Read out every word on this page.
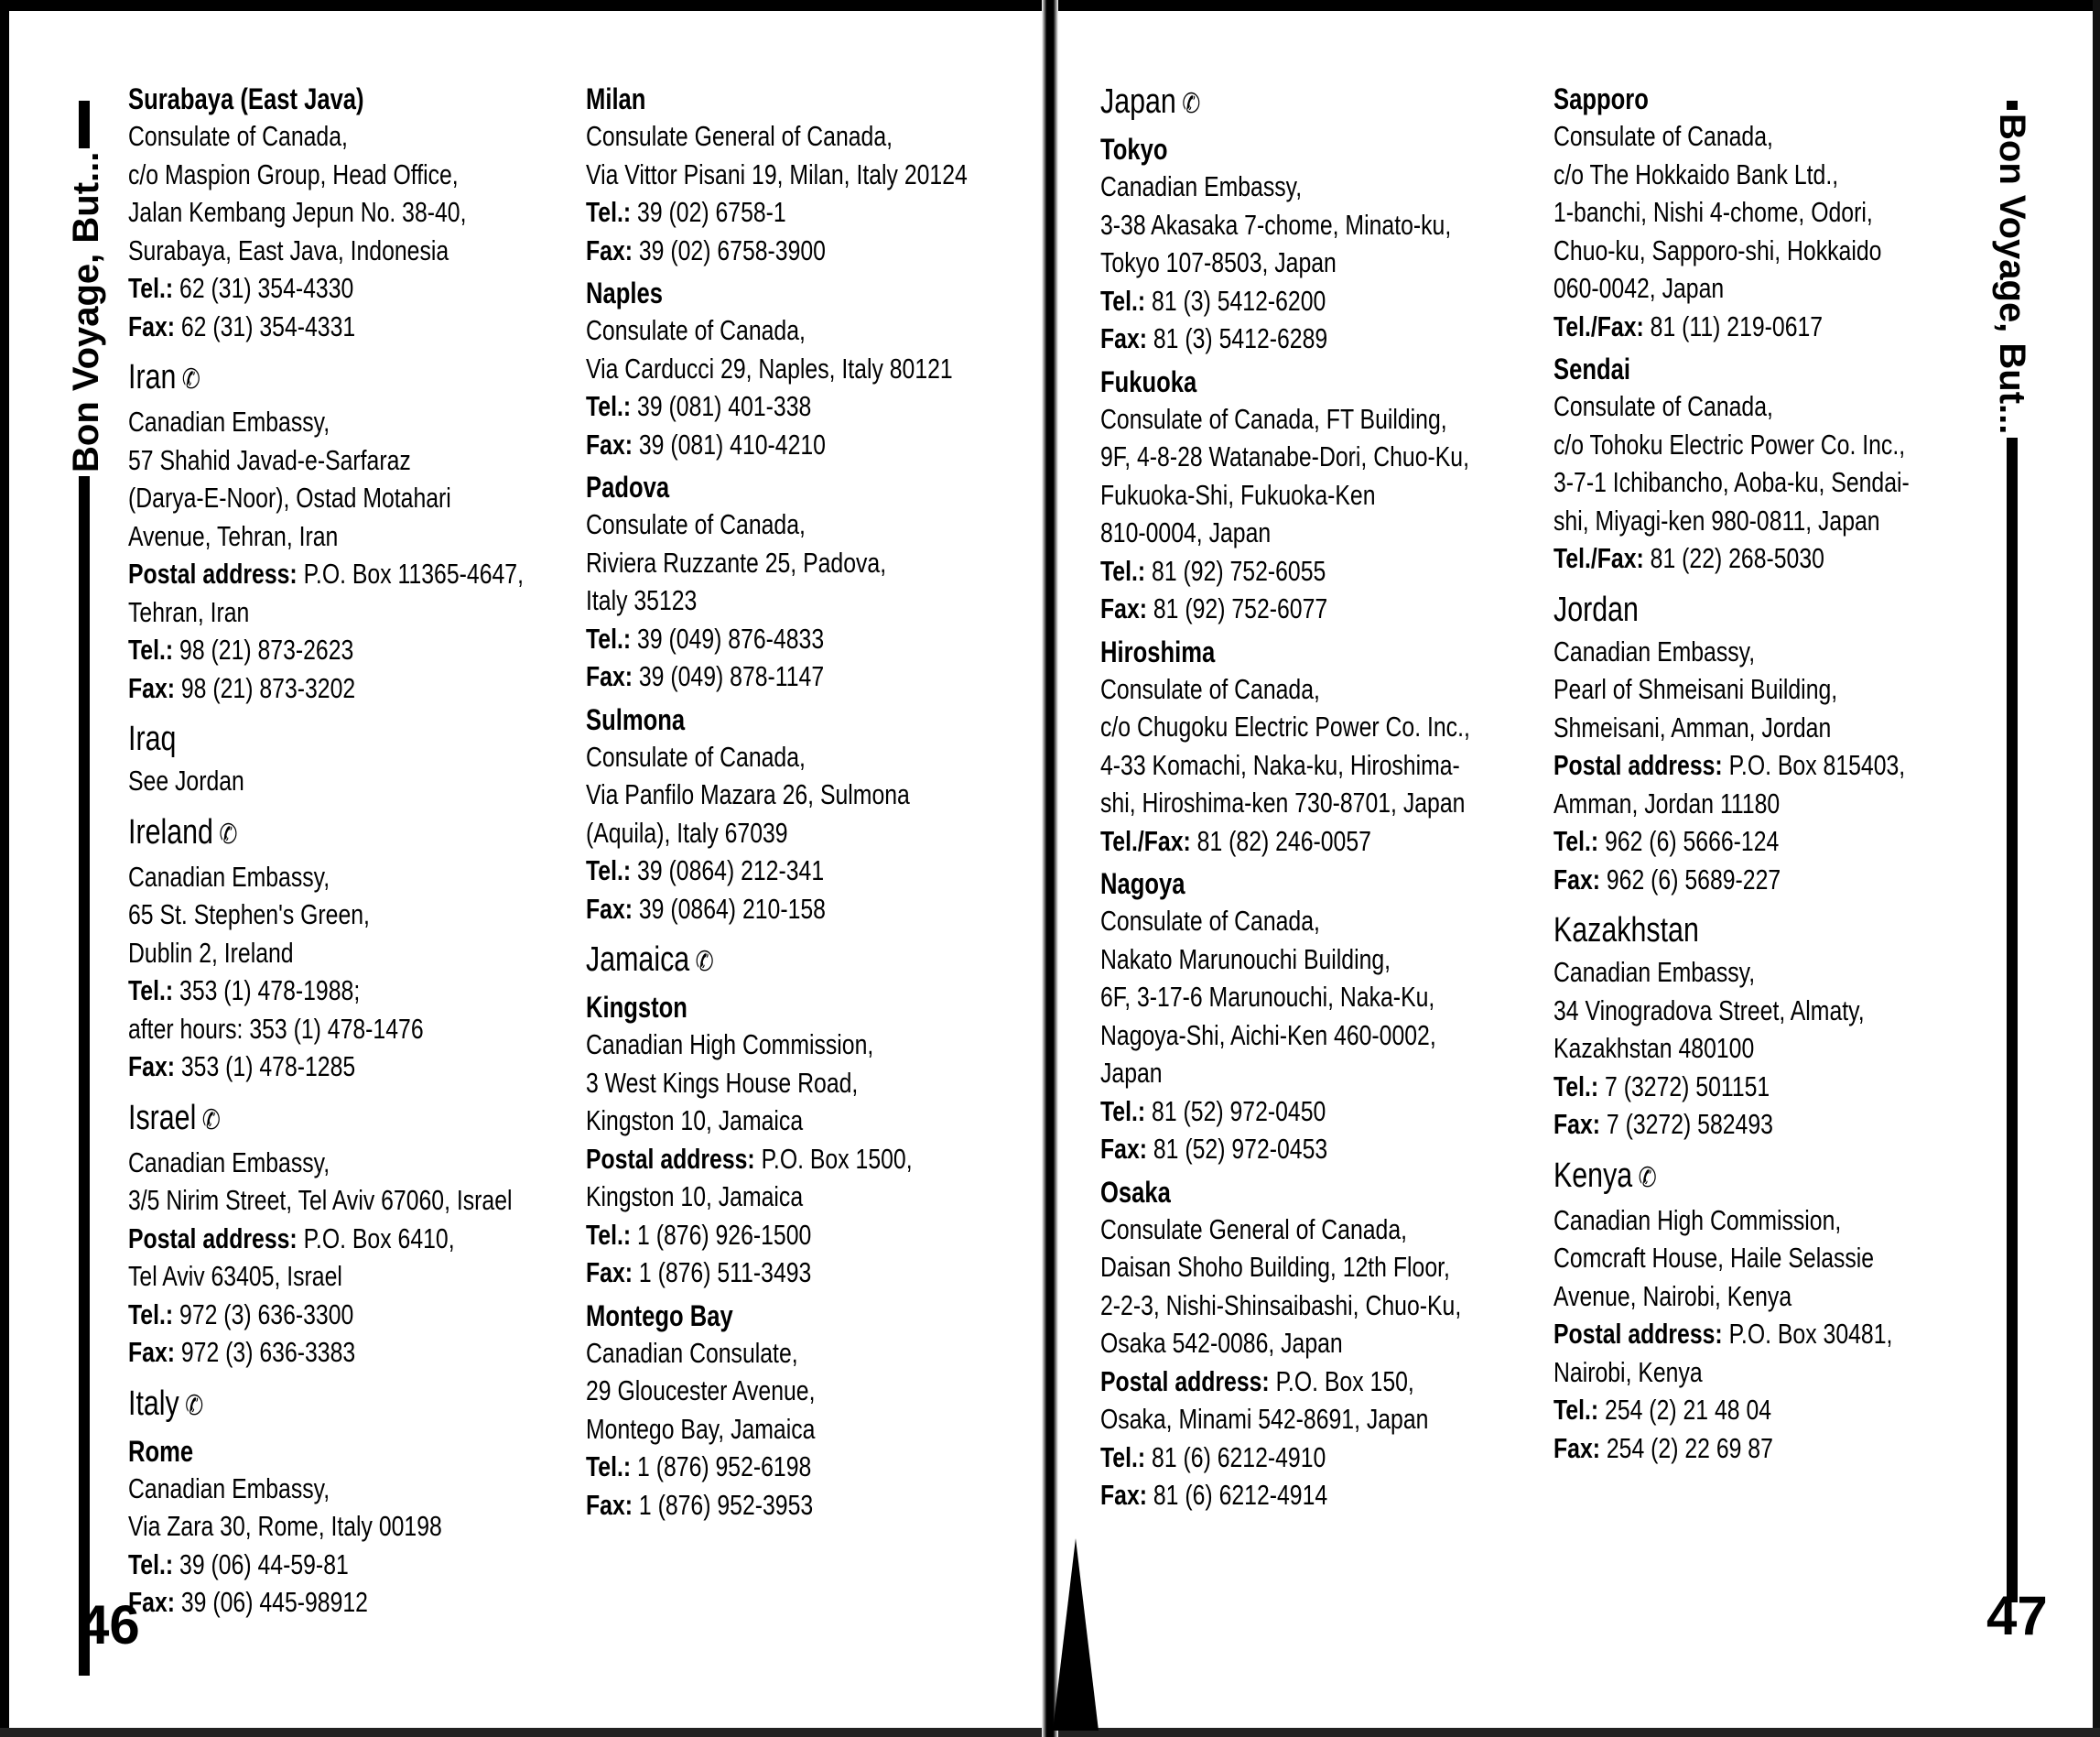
Bon Voyage, But...	Bon Voyage, But...

Surabaya (East Java)

Consulate of Canada,

c/o Maspion Group, Head Office,

Jalan Kembang Jepun No. 38-40,

Surabaya, East Java, Indonesia

Tel.: 62 (31) 354-4330

Fax: 62 (31) 354-4331

Iran ✆

Canadian Embassy,

57 Shahid Javad-e-Sarfaraz

(Darya-E-Noor), Ostad Motahari

Avenue, Tehran, Iran

Postal address: P.O. Box 11365-4647,

Tehran, Iran

Tel.: 98 (21) 873-2623

Fax: 98 (21) 873-3202

Iraq

See Jordan

Ireland ✆

Canadian Embassy,

65 St. Stephen's Green,

Dublin 2, Ireland

Tel.: 353 (1) 478-1988;

after hours: 353 (1) 478-1476

Fax: 353 (1) 478-1285

Israel ✆

Canadian Embassy,

3/5 Nirim Street, Tel Aviv 67060, Israel

Postal address: P.O. Box 6410,

Tel Aviv 63405, Israel

Tel.: 972 (3) 636-3300

Fax: 972 (3) 636-3383

Italy ✆

Rome

Canadian Embassy,

Via Zara 30, Rome, Italy 00198

Tel.: 39 (06) 44-59-81

Fax: 39 (06) 445-98912

Milan

Consulate General of Canada,

Via Vittor Pisani 19, Milan, Italy 20124

Tel.: 39 (02) 6758-1

Fax: 39 (02) 6758-3900

Naples

Consulate of Canada,

Via Carducci 29, Naples, Italy 80121

Tel.: 39 (081) 401-338

Fax: 39 (081) 410-4210

Padova

Consulate of Canada,

Riviera Ruzzante 25, Padova,

Italy 35123

Tel.: 39 (049) 876-4833

Fax: 39 (049) 878-1147

Sulmona

Consulate of Canada,

Via Panfilo Mazara 26, Sulmona

(Aquila), Italy 67039

Tel.: 39 (0864) 212-341

Fax: 39 (0864) 210-158

Jamaica ✆

Kingston

Canadian High Commission,

3 West Kings House Road,

Kingston 10, Jamaica

Postal address: P.O. Box 1500,

Kingston 10, Jamaica

Tel.: 1 (876) 926-1500

Fax: 1 (876) 511-3493

Montego Bay

Canadian Consulate,

29 Gloucester Avenue,

Montego Bay, Jamaica

Tel.: 1 (876) 952-6198

Fax: 1 (876) 952-3953

Japan ✆

Tokyo

Canadian Embassy,

3-38 Akasaka 7-chome, Minato-ku,

Tokyo 107-8503, Japan

Tel.: 81 (3) 5412-6200

Fax: 81 (3) 5412-6289

Fukuoka

Consulate of Canada, FT Building,

9F, 4-8-28 Watanabe-Dori, Chuo-Ku,

Fukuoka-Shi, Fukuoka-Ken

810-0004, Japan

Tel.: 81 (92) 752-6055

Fax: 81 (92) 752-6077

Hiroshima

Consulate of Canada,

c/o Chugoku Electric Power Co. Inc.,

4-33 Komachi, Naka-ku, Hiroshima-

shi, Hiroshima-ken 730-8701, Japan

Tel./Fax: 81 (82) 246-0057

Nagoya

Consulate of Canada,

Nakato Marunouchi Building,

6F, 3-17-6 Marunouchi, Naka-Ku,

Nagoya-Shi, Aichi-Ken 460-0002,

Japan

Tel.: 81 (52) 972-0450

Fax: 81 (52) 972-0453

Osaka

Consulate General of Canada,

Daisan Shoho Building, 12th Floor,

2-2-3, Nishi-Shinsaibashi, Chuo-Ku,

Osaka 542-0086, Japan

Postal address: P.O. Box 150,

Osaka, Minami 542-8691, Japan

Tel.: 81 (6) 6212-4910

Fax: 81 (6) 6212-4914

Sapporo

Consulate of Canada,

c/o The Hokkaido Bank Ltd.,

1-banchi, Nishi 4-chome, Odori,

Chuo-ku, Sapporo-shi, Hokkaido

060-0042, Japan

Tel./Fax: 81 (11) 219-0617

Sendai

Consulate of Canada,

c/o Tohoku Electric Power Co. Inc.,

3-7-1 Ichibancho, Aoba-ku, Sendai-

shi, Miyagi-ken 980-0811, Japan

Tel./Fax: 81 (22) 268-5030

Jordan

Canadian Embassy,

Pearl of Shmeisani Building,

Shmeisani, Amman, Jordan

Postal address: P.O. Box 815403,

Amman, Jordan 11180

Tel.: 962 (6) 5666-124

Fax: 962 (6) 5689-227

Kazakhstan

Canadian Embassy,

34 Vinogradova Street, Almaty,

Kazakhstan 480100

Tel.: 7 (3272) 501151

Fax: 7 (3272) 582493

Kenya ✆

Canadian High Commission,

Comcraft House, Haile Selassie

Avenue, Nairobi, Kenya

Postal address: P.O. Box 30481,

Nairobi, Kenya

Tel.: 254 (2) 21 48 04

Fax: 254 (2) 22 69 87

46	47
